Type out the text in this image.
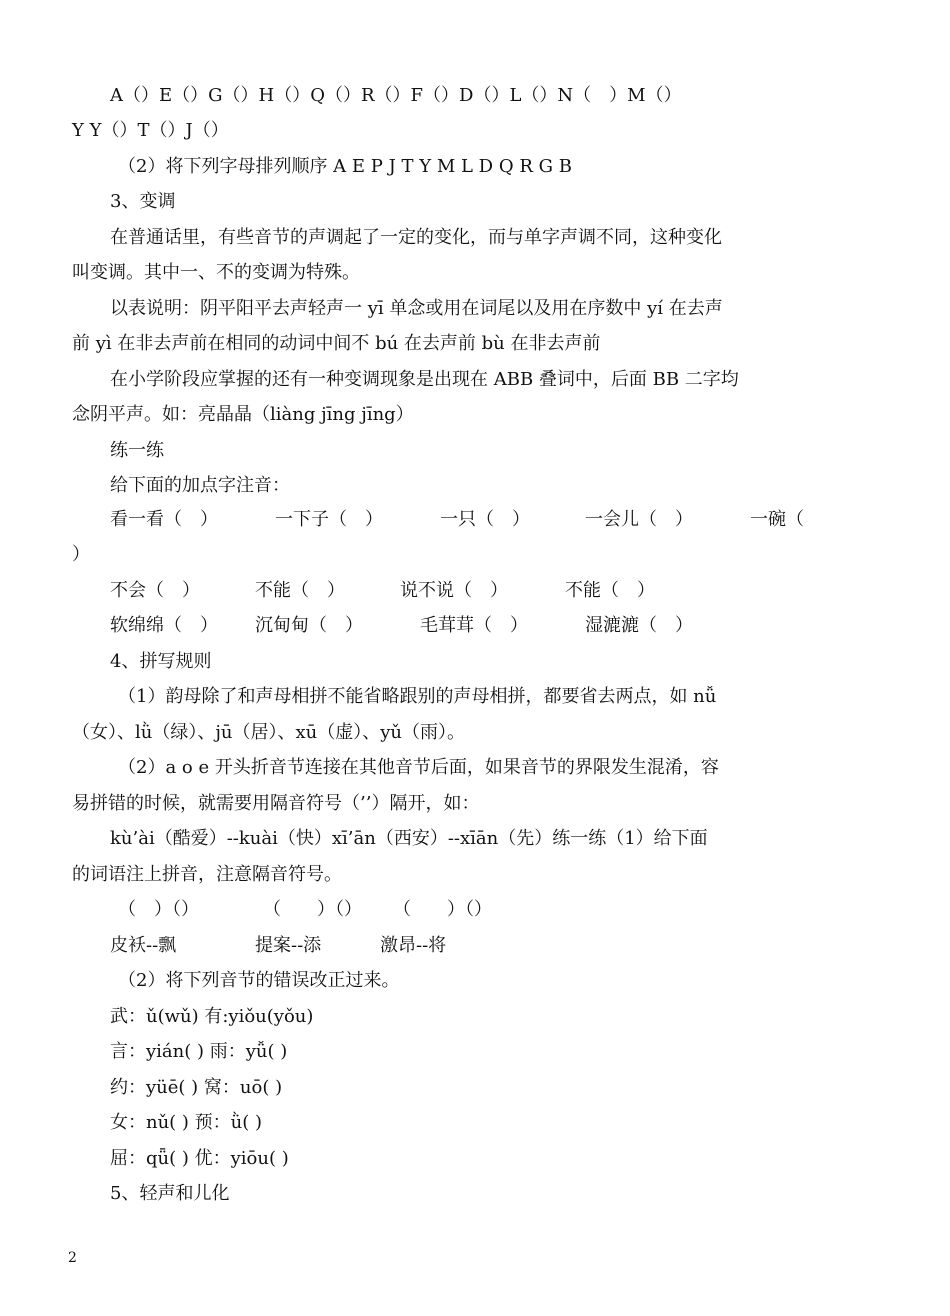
A（）E（）G（）H（）Q（）R（）F（）D（）L（）N（　）M（）
Y Y（）T（）J（）
（2）将下列字母排列顺序 A E P J T Y M L D Q R G B
3、变调
在普通话里，有些音节的声调起了一定的变化，而与单字声调不同，这种变化
叫变调。其中一、不的变调为特殊。
以表说明：阴平阳平去声轻声一 yī 单念或用在词尾以及用在序数中 yí 在去声
前 yì 在非去声前在相同的动词中间不 bú 在去声前 bù 在非去声前
在小学阶段应掌握的还有一种变调现象是出现在 ABB 叠词中，后面 BB 二字均
念阴平声。如：亮晶晶（liàng jīng jīng）
练一练
给下面的加点字注音：
看一看（　）	一下子（　）	一只（　）	一会儿（　）	一碗（
）
不会（　）	不能（　）	说不说（　）	不能（　）
软绵绵（　） 沉甸甸（　）	毛茸茸（　）	湿漉漉（　）
4、拼写规则
（1）韵母除了和声母相拼不能省略跟别的声母相拼，都要省去两点，如 nǚ
（女）、lǜ（绿）、jū（居）、xū（虚）、yǔ（雨）。
（2）a o e 开头折音节连接在其他音节后面，如果音节的界限发生混淆，容
易拼错的时候，就需要用隔音符号（’’）隔开，如：
kù’ài（酷爱）--kuài（快）xī’ān（西安）--xīān（先）练一练（1）给下面
的词语注上拼音，注意隔音符号。
（　）（）	（　　）（） （　　）（）
皮袄--飘	提案--添	激昂--将
（2）将下列音节的错误改正过来。
武：ǔ(wǔ) 有:yiǒu(yǒu)
言：yián( ) 雨：yǚ( )
约：yüē( ) 窝：uō( )
女：nǔ( ) 预：ǜ( )
屈：qǖ( ) 优：yiōu( )
5、轻声和儿化
2
